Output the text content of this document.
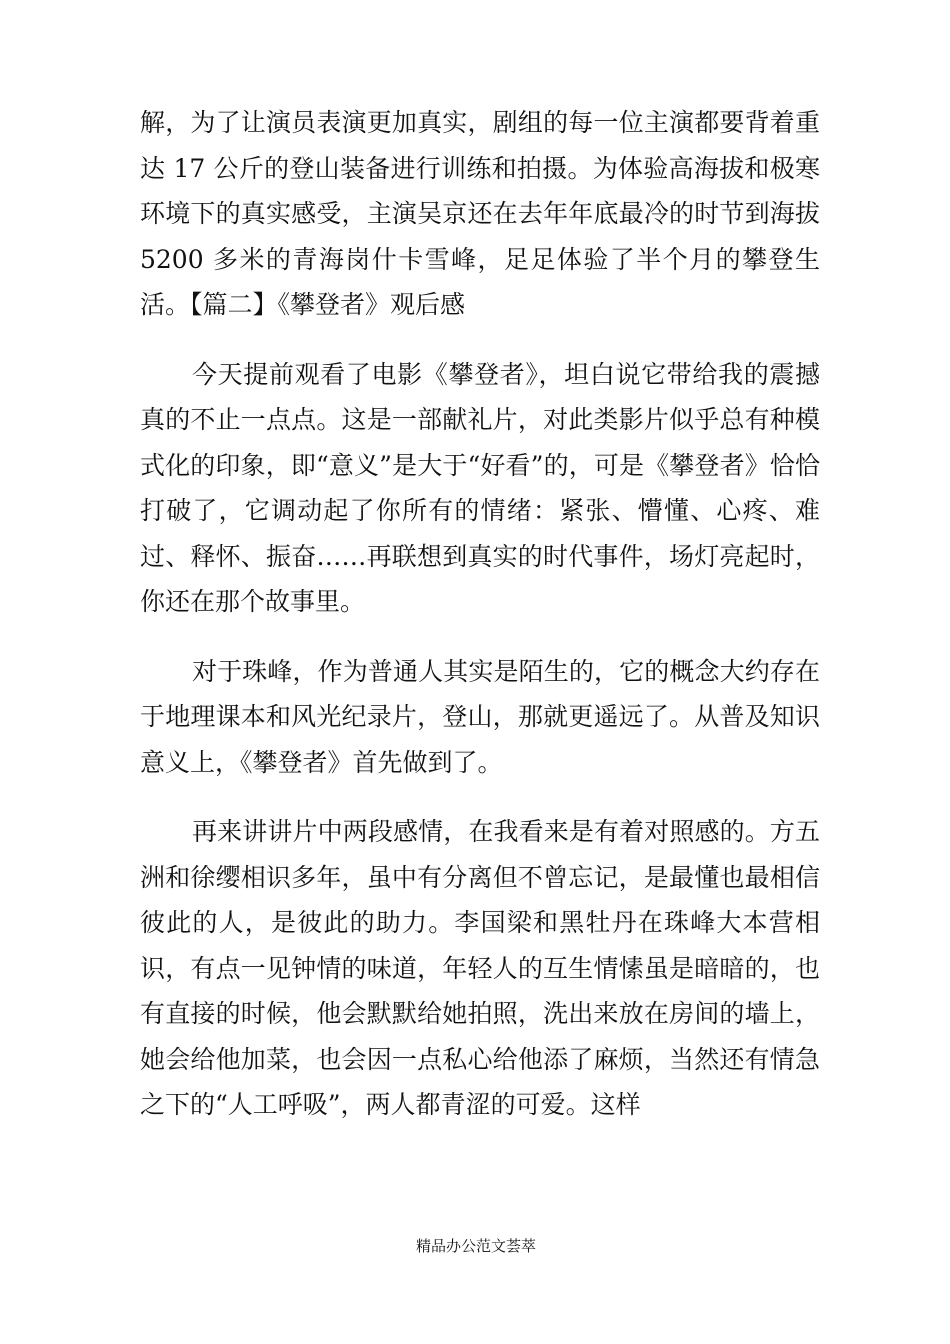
解，为了让演员表演更加真实，剧组的每一位主演都要背着重达 17 公斤的登山装备进行训练和拍摄。为体验高海拔和极寒环境下的真实感受，主演吴京还在去年年底最冷的时节到海拔 5200 多米的青海岗什卡雪峰，足足体验了半个月的攀登生活。【篇二】《攀登者》观后感

今天提前观看了电影《攀登者》，坦白说它带给我的震撼真的不止一点点。这是一部献礼片，对此类影片似乎总有种模式化的印象，即“意义”是大于“好看”的，可是《攀登者》恰恰打破了，它调动起了你所有的情绪：紧张、懵懂、心疼、难过、释怀、振奋……再联想到真实的时代事件，场灯亮起时，你还在那个故事里。

对于珠峰，作为普通人其实是陌生的，它的概念大约存在于地理课本和风光纪录片，登山，那就更遥远了。从普及知识意义上，《攀登者》首先做到了。

再来讲讲片中两段感情，在我看来是有着对照感的。方五洲和徐缨相识多年，虽中有分离但不曾忘记，是最懂也最相信彼此的人，是彼此的助力。李国梁和黑牡丹在珠峰大本营相识，有点一见钟情的味道，年轻人的互生情愫虽是暗暗的，也有直接的时候，他会默默给她拍照，洗出来放在房间的墙上，她会给他加菜，也会因一点私心给他添了麻烦，当然还有情急之下的“人工呼吸”，两人都青涩的可爱。这样

精品办公范文荟萃
